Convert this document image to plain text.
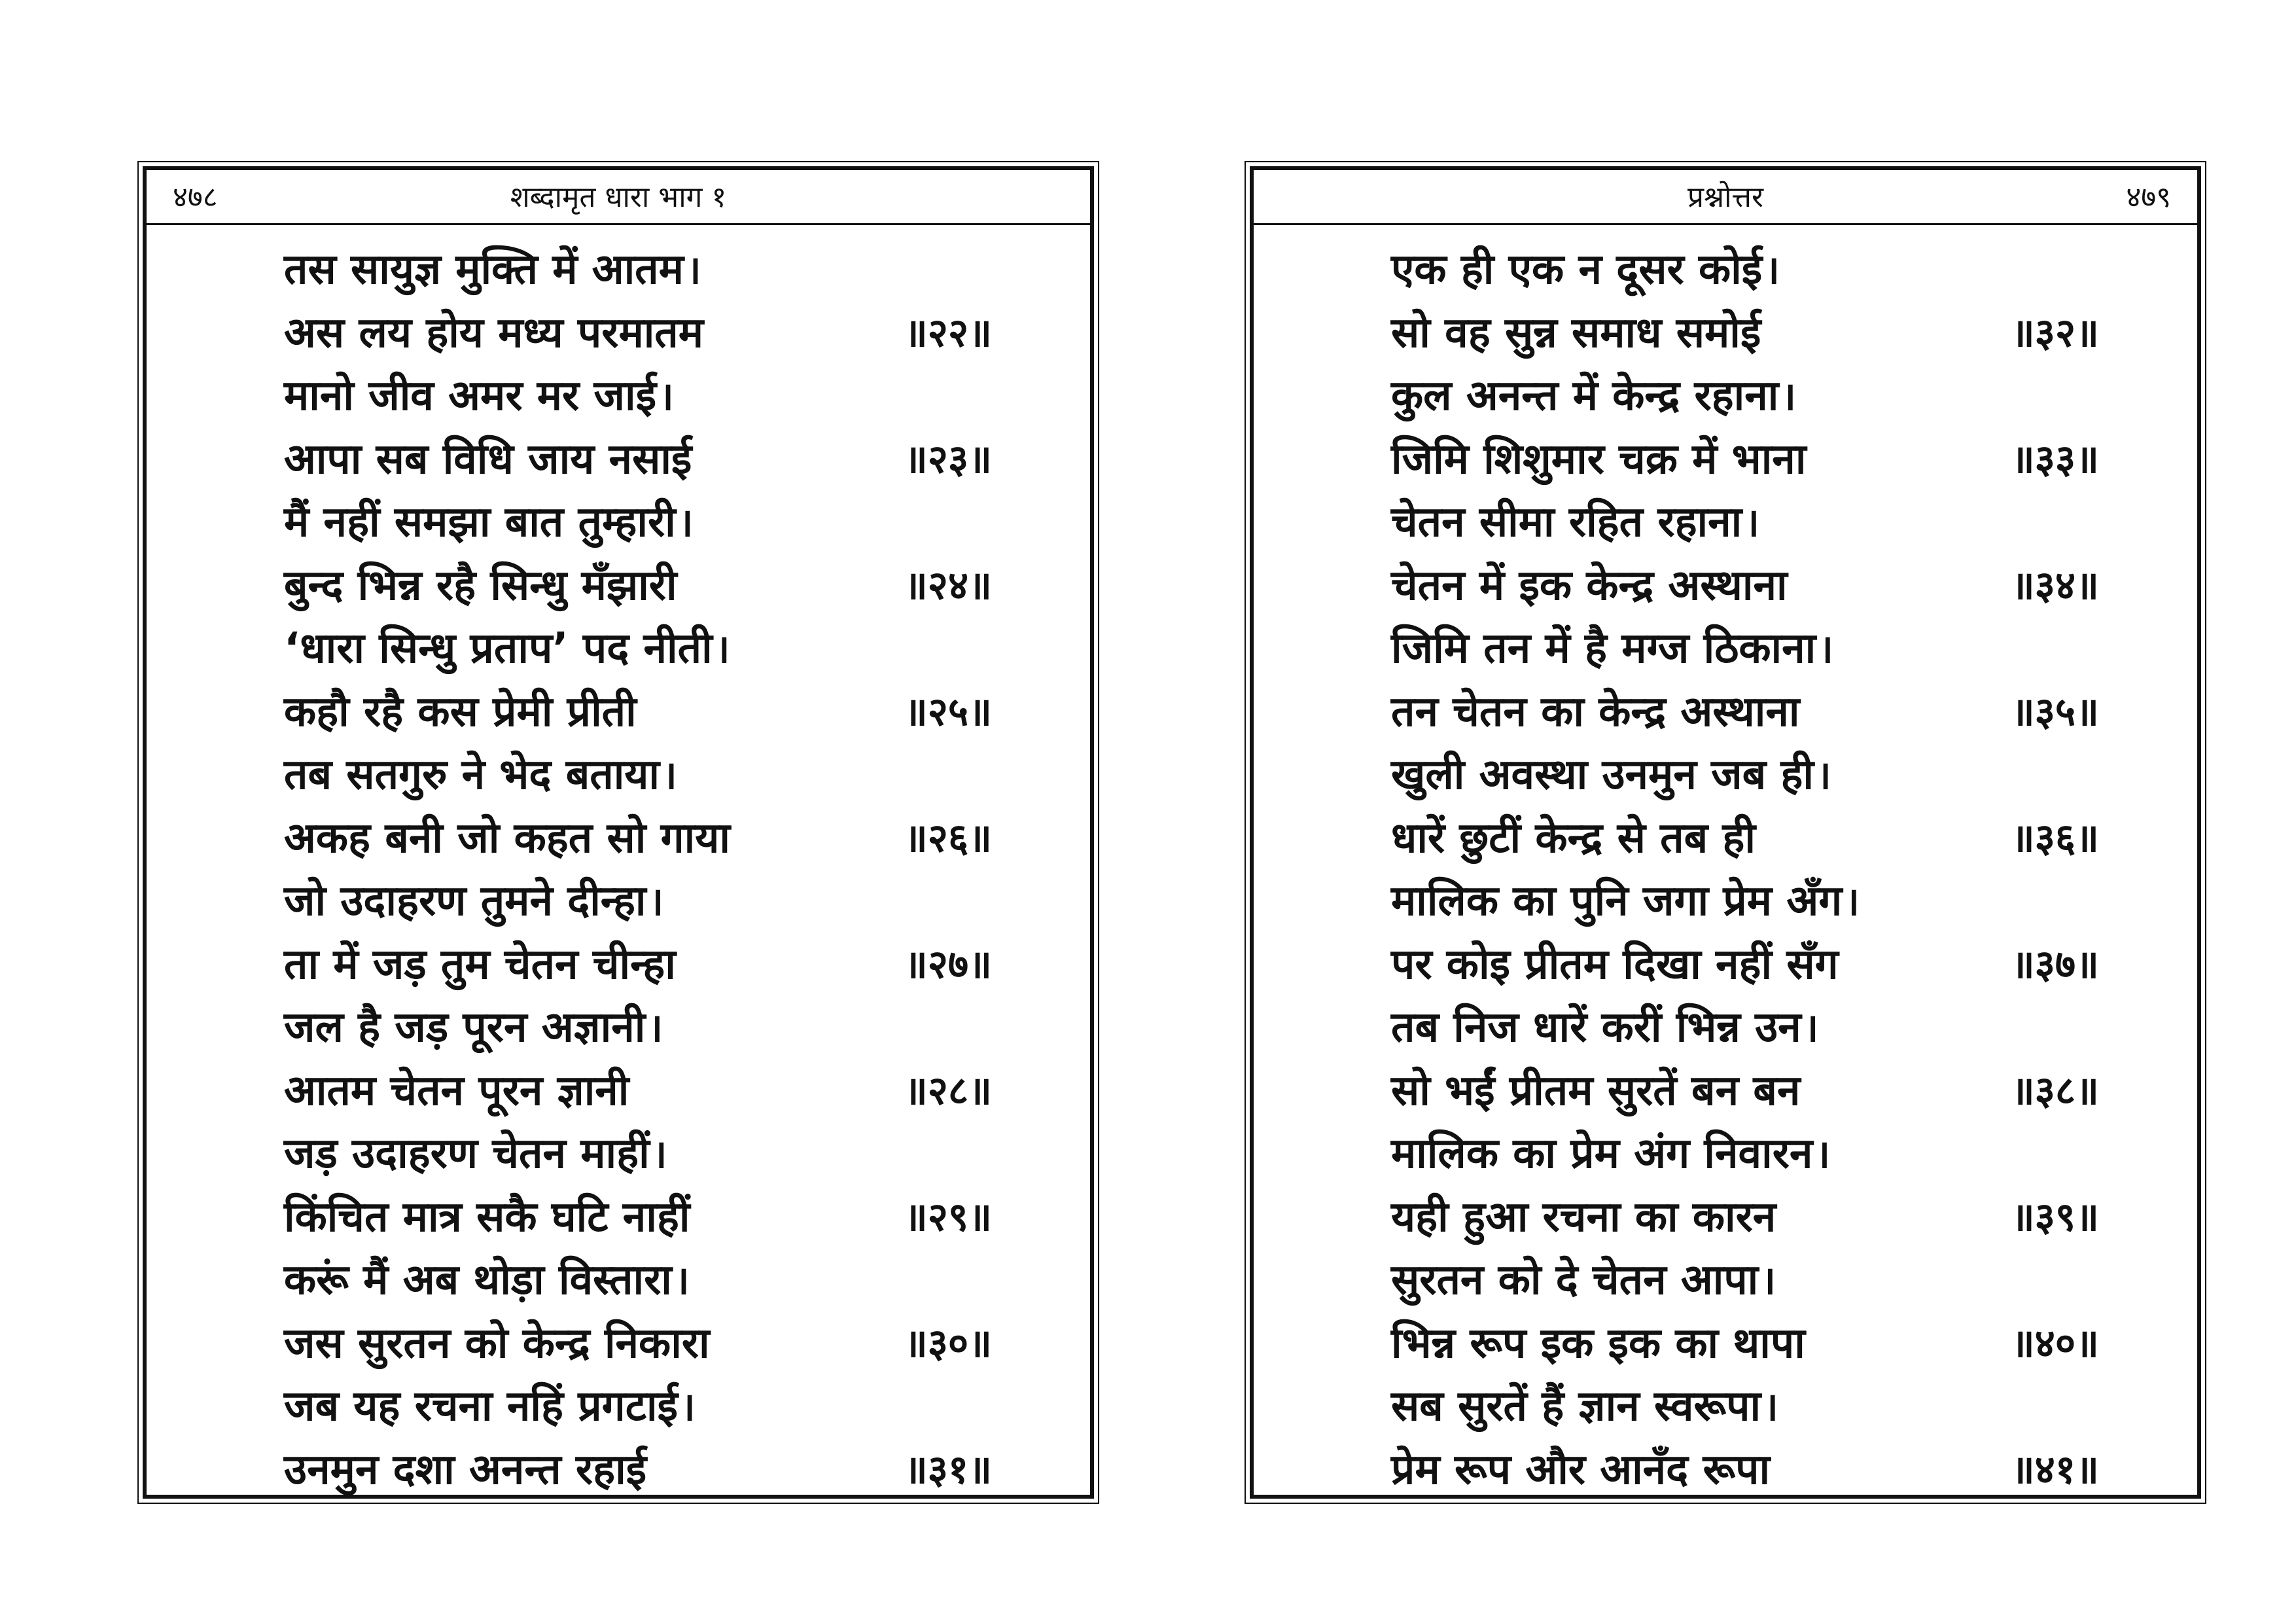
४७८	शब्दामृत धारा भाग १
तस सायुज्ञ मुक्ति में आतम।
अस लय होय मध्य परमातम	॥२२॥
मानो जीव अमर मर जाई।
आपा सब विधि जाय नसाई	॥२३॥
मैं नहीं समझा बात तुम्हारी।
बुन्द भिन्न रहै सिन्धु मँझारी	॥२४॥
‘धारा सिन्धु प्रताप’ पद नीती।
कहौ रहै कस प्रेमी प्रीती	॥२५॥
तब सतगुरु ने भेद बताया।
अकह बनी जो कहत सो गाया	॥२६॥
जो उदाहरण तुमने दीन्हा।
ता में जड़ तुम चेतन चीन्हा	॥२७॥
जल है जड़ पूरन अज्ञानी।
आतम चेतन पूरन ज्ञानी	॥२८॥
जड़ उदाहरण चेतन माहीं।
किंचित मात्र सकै घटि नाहीं	॥२९॥
करूं मैं अब थोड़ा विस्तारा।
जस सुरतन को केन्द्र निकारा	॥३०॥
जब यह रचना नहिं प्रगटाई।
उनमुन दशा अनन्त रहाई	॥३१॥
प्रश्नोत्तर	४७९
एक ही एक न दूसर कोई।
सो वह सुन्न समाध समोई	॥३२॥
कुल अनन्त में केन्द्र रहाना।
जिमि शिशुमार चक्र में भाना	॥३३॥
चेतन सीमा रहित रहाना।
चेतन में इक केन्द्र अस्थाना	॥३४॥
जिमि तन में है मग्ज ठिकाना।
तन चेतन का केन्द्र अस्थाना	॥३५॥
खुली अवस्था उनमुन जब ही।
धारें छुटीं केन्द्र से तब ही	॥३६॥
मालिक का पुनि जगा प्रेम अँग।
पर कोइ प्रीतम दिखा नहीं सँग	॥३७॥
तब निज धारें करीं भिन्न उन।
सो भईं प्रीतम सुरतें बन बन	॥३८॥
मालिक का प्रेम अंग निवारन।
यही हुआ रचना का कारन	॥३९॥
सुरतन को दे चेतन आपा।
भिन्न रूप इक इक का थापा	॥४०॥
सब सुरतें हैं ज्ञान स्वरूपा।
प्रेम रूप और आनँद रूपा	॥४१॥
